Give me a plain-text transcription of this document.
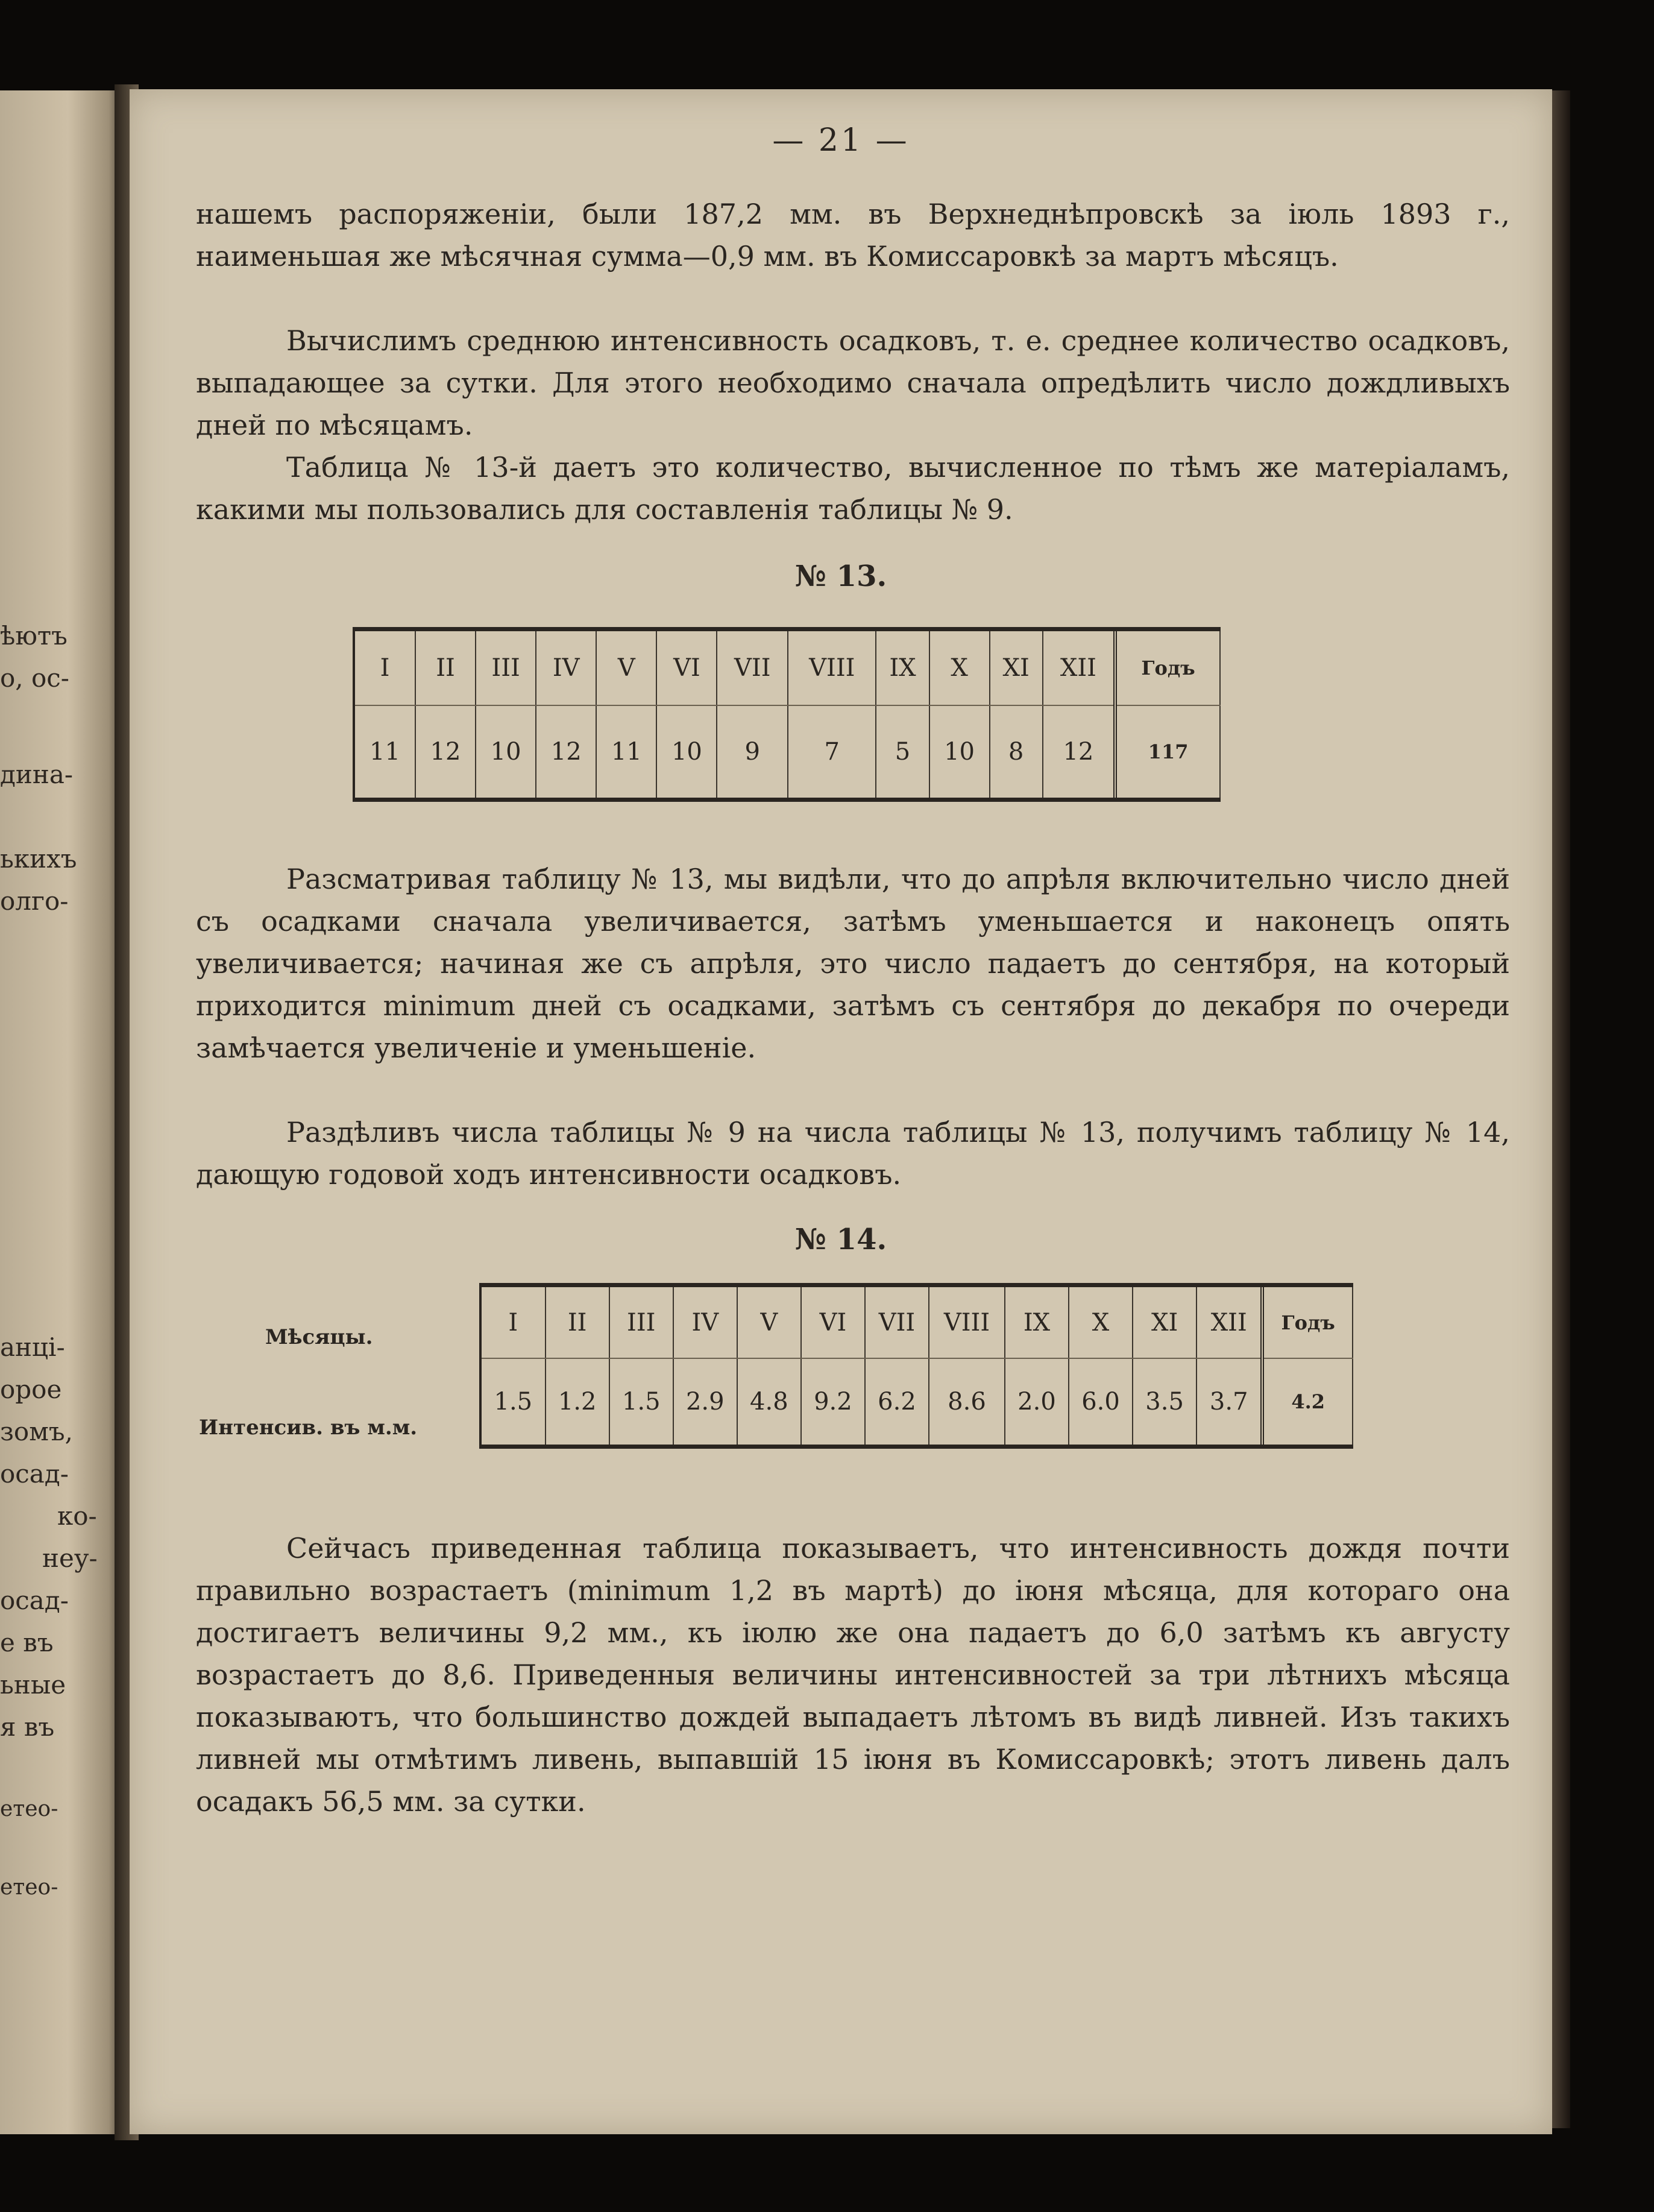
ѣютъ
о, ос-
дина-
ькихъ
олго-
анці-
орое
зомъ,
осад-
ко-
неу-
осад-
е въ
ьные
я въ
етео-
етео-
— 21 —
нашемъ распоряженіи, были 187,2 мм. въ Верхнеднѣпровскѣ за іюль 1893 г., наименьшая же мѣсячная сумма—0,9 мм. въ Комиссаровкѣ за мартъ мѣсяцъ.
Вычислимъ среднюю интенсивность осадковъ, т. е. среднее количество осадковъ, выпадающее за сутки. Для этого необходимо сначала опредѣлить число дождливыхъ дней по мѣсяцамъ.
Таблица № 13-й даетъ это количество, вычисленное по тѣмъ же матеріаламъ, какими мы пользовались для составленія таблицы № 9.
№ 13.
I	II	III	IV	V	VI	VII	VIII	IX	X	XI	XII	Годъ
11	12	10	12	11	10	9	7	5	10	8	12	117
Разсматривая таблицу № 13, мы видѣли, что до апрѣля включительно число дней съ осадками сначала увеличивается, затѣмъ уменьшается и наконецъ опять увеличивается; начиная же съ апрѣля, это число падаетъ до сентября, на который приходится minimum дней съ осадками, затѣмъ съ сентября до декабря по очереди замѣчается увеличеніе и уменьшеніе.
Раздѣливъ числа таблицы № 9 на числа таблицы № 13, получимъ таблицу № 14, дающую годовой ходъ интенсивности осадковъ.
№ 14.
Мѣсяцы.
Интенсив. въ м.м.
I	II	III	IV	V	VI	VII	VIII	IX	X	XI	XII	Годъ
1.5	1.2	1.5	2.9	4.8	9.2	6.2	8.6	2.0	6.0	3.5	3.7	4.2
Сейчасъ приведенная таблица показываетъ, что интенсивность дождя почти правильно возрастаетъ (minimum 1,2 въ мартѣ) до іюня мѣсяца, для котораго она достигаетъ величины 9,2 мм., къ іюлю же она падаетъ до 6,0 затѣмъ къ августу возрастаетъ до 8,6. Приведенныя величины интенсивностей за три лѣтнихъ мѣсяца показываютъ, что большинство дождей выпадаетъ лѣтомъ въ видѣ ливней. Изъ такихъ ливней мы отмѣтимъ ливень, выпавшій 15 іюня въ Комиссаровкѣ; этотъ ливень далъ осадакъ 56,5 мм. за сутки.
